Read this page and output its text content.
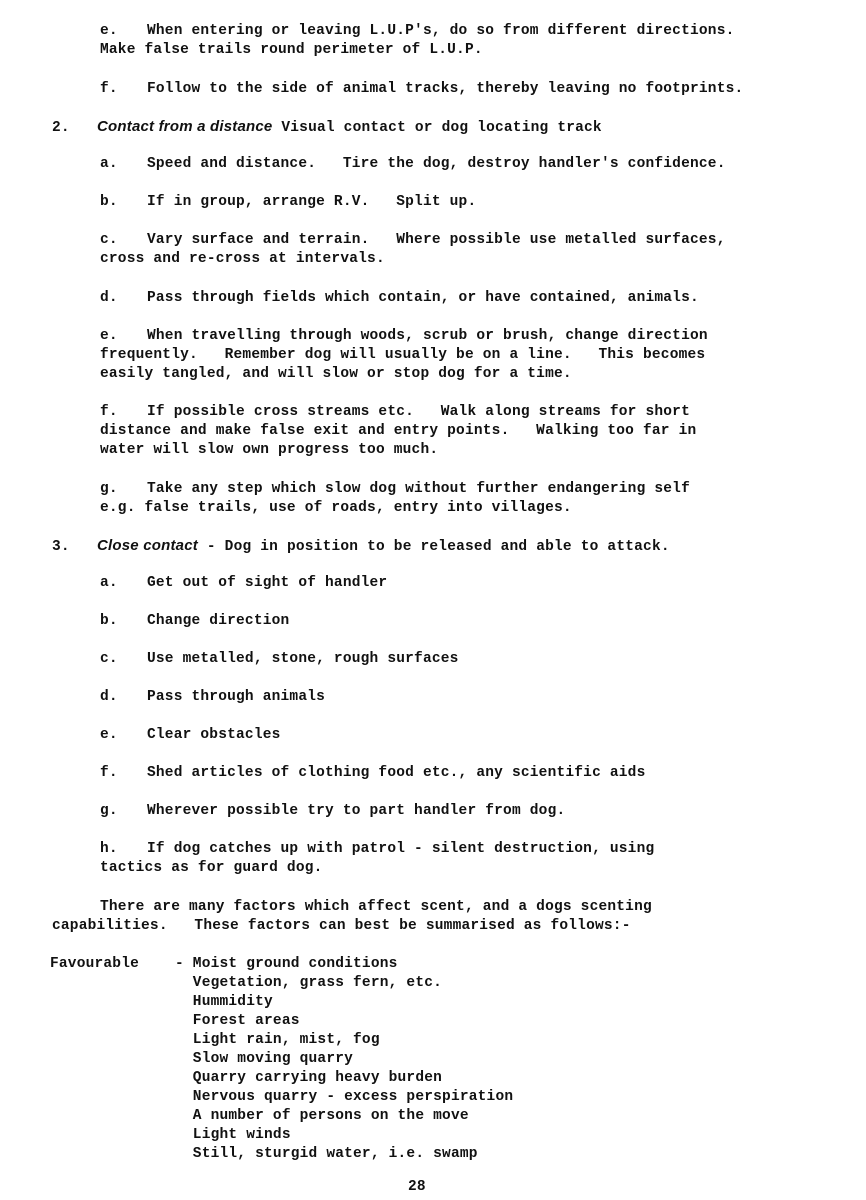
e. When entering or leaving L.U.P's, do so from different directions.
Make false trails round perimeter of L.U.P.
f. Follow to the side of animal tracks, thereby leaving no footprints.
2. Contact from a distance Visual contact or dog locating track
a. Speed and distance.   Tire the dog, destroy handler's confidence.
b. If in group, arrange R.V.   Split up.
c. Vary surface and terrain.   Where possible use metalled surfaces,
cross and re-cross at intervals.
d. Pass through fields which contain, or have contained, animals.
e. When travelling through woods, scrub or brush, change direction
frequently.   Remember dog will usually be on a line.   This becomes
easily tangled, and will slow or stop dog for a time.
f. If possible cross streams etc.   Walk along streams for short
distance and make false exit and entry points.   Walking too far in
water will slow own progress too much.
g. Take any step which slow dog without further endangering self
e.g. false trails, use of roads, entry into villages.
3. Close contact - Dog in position to be released and able to attack.
a. Get out of sight of handler
b. Change direction
c. Use metalled, stone, rough surfaces
d. Pass through animals
e. Clear obstacles
f. Shed articles of clothing food etc., any scientific aids
g. Wherever possible try to part handler from dog.
h. If dog catches up with patrol - silent destruction, using
tactics as for guard dog.
There are many factors which affect scent, and a dogs scenting
capabilities.   These factors can best be summarised as follows:-
Favourable - Moist ground conditions
Vegetation, grass fern, etc.
Hummidity
Forest areas
Light rain, mist, fog
Slow moving quarry
Quarry carrying heavy burden
Nervous quarry - excess perspiration
A number of persons on the move
Light winds
Still, sturgid water, i.e. swamp
28
